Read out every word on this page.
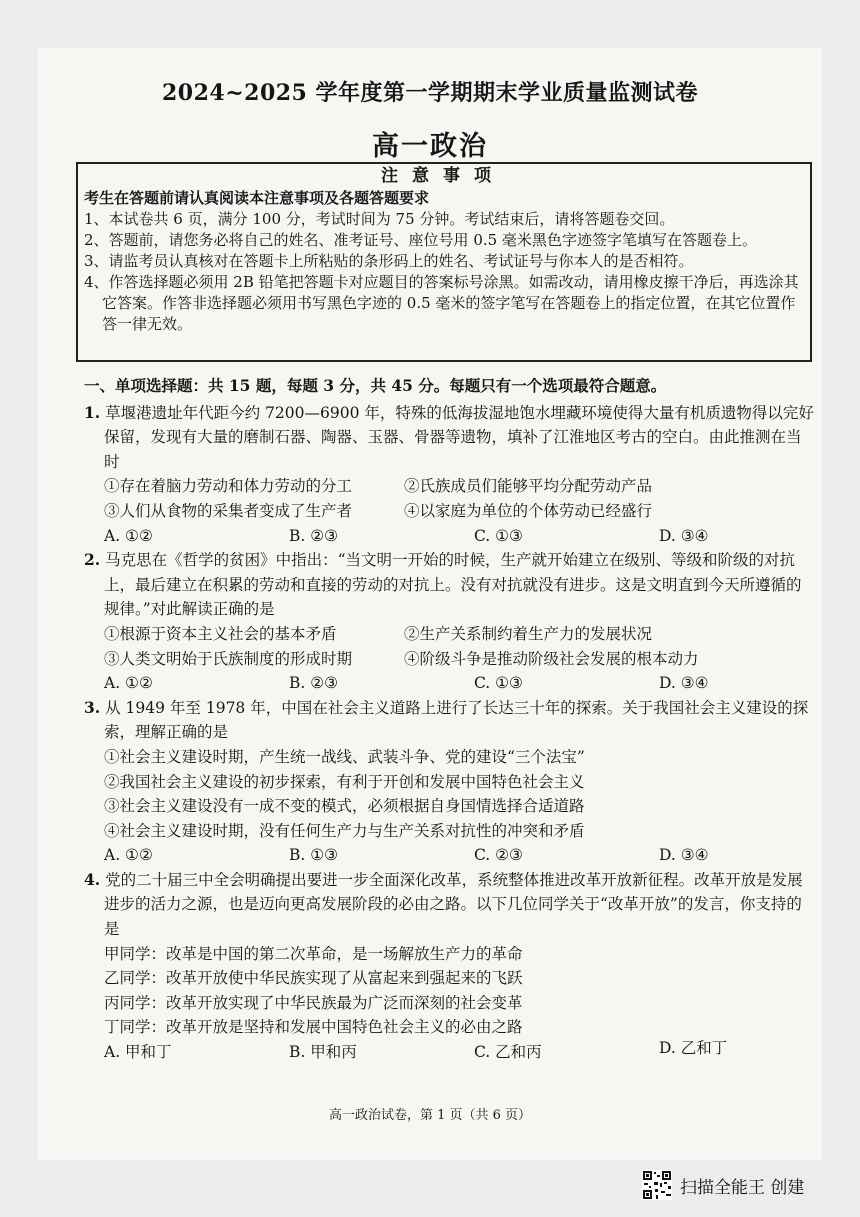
2024~2025 学年度第一学期期末学业质量监测试卷
高一政治
注意事项
考生在答题前请认真阅读本注意事项及各题答题要求
1、本试卷共 6 页，满分 100 分，考试时间为 75 分钟。考试结束后，请将答题卷交回。
2、答题前，请您务必将自己的姓名、准考证号、座位号用 0.5 毫米黑色字迹签字笔填写在答题卷上。
3、请监考员认真核对在答题卡上所粘贴的条形码上的姓名、考试证号与你本人的是否相符。
4、作答选择题必须用 2B 铅笔把答题卡对应题目的答案标号涂黑。如需改动，请用橡皮擦干净后，再选涂其它答案。作答非选择题必须用书写黑色字迹的 0.5 毫米的签字笔写在答题卷上的指定位置，在其它位置作答一律无效。
一、单项选择题：共 15 题，每题 3 分，共 45 分。每题只有一个选项最符合题意。
1. 草堰港遗址年代距今约 7200—6900 年，特殊的低海拔湿地饱水埋藏环境使得大量有机质遗物得以完好保留，发现有大量的磨制石器、陶器、玉器、骨器等遗物，填补了江淮地区考古的空白。由此推测在当时
①存在着脑力劳动和体力劳动的分工	②氏族成员们能够平均分配劳动产品
③人们从食物的采集者变成了生产者	④以家庭为单位的个体劳动已经盛行
A. ①②	B. ②③	C. ①③	D. ③④
2. 马克思在《哲学的贫困》中指出：“当文明一开始的时候，生产就开始建立在级别、等级和阶级的对抗上，最后建立在积累的劳动和直接的劳动的对抗上。没有对抗就没有进步。这是文明直到今天所遵循的规律。”对此解读正确的是
①根源于资本主义社会的基本矛盾	②生产关系制约着生产力的发展状况
③人类文明始于氏族制度的形成时期	④阶级斗争是推动阶级社会发展的根本动力
A. ①②	B. ②③	C. ①③	D. ③④
3. 从 1949 年至 1978 年，中国在社会主义道路上进行了长达三十年的探索。关于我国社会主义建设的探索，理解正确的是
①社会主义建设时期，产生统一战线、武装斗争、党的建设“三个法宝”
②我国社会主义建设的初步探索，有利于开创和发展中国特色社会主义
③社会主义建设没有一成不变的模式，必须根据自身国情选择合适道路
④社会主义建设时期，没有任何生产力与生产关系对抗性的冲突和矛盾
A. ①②	B. ①③	C. ②③	D. ③④
4. 党的二十届三中全会明确提出要进一步全面深化改革，系统整体推进改革开放新征程。改革开放是发展进步的活力之源，也是迈向更高发展阶段的必由之路。以下几位同学关于“改革开放”的发言，你支持的是
甲同学：改革是中国的第二次革命，是一场解放生产力的革命
乙同学：改革开放使中华民族实现了从富起来到强起来的飞跃
丙同学：改革开放实现了中华民族最为广泛而深刻的社会变革
丁同学：改革开放是坚持和发展中国特色社会主义的必由之路
A. 甲和丁	B. 甲和丙	C. 乙和丙	D. 乙和丁
高一政治试卷，第 1 页（共 6 页）
扫描全能王 创建
